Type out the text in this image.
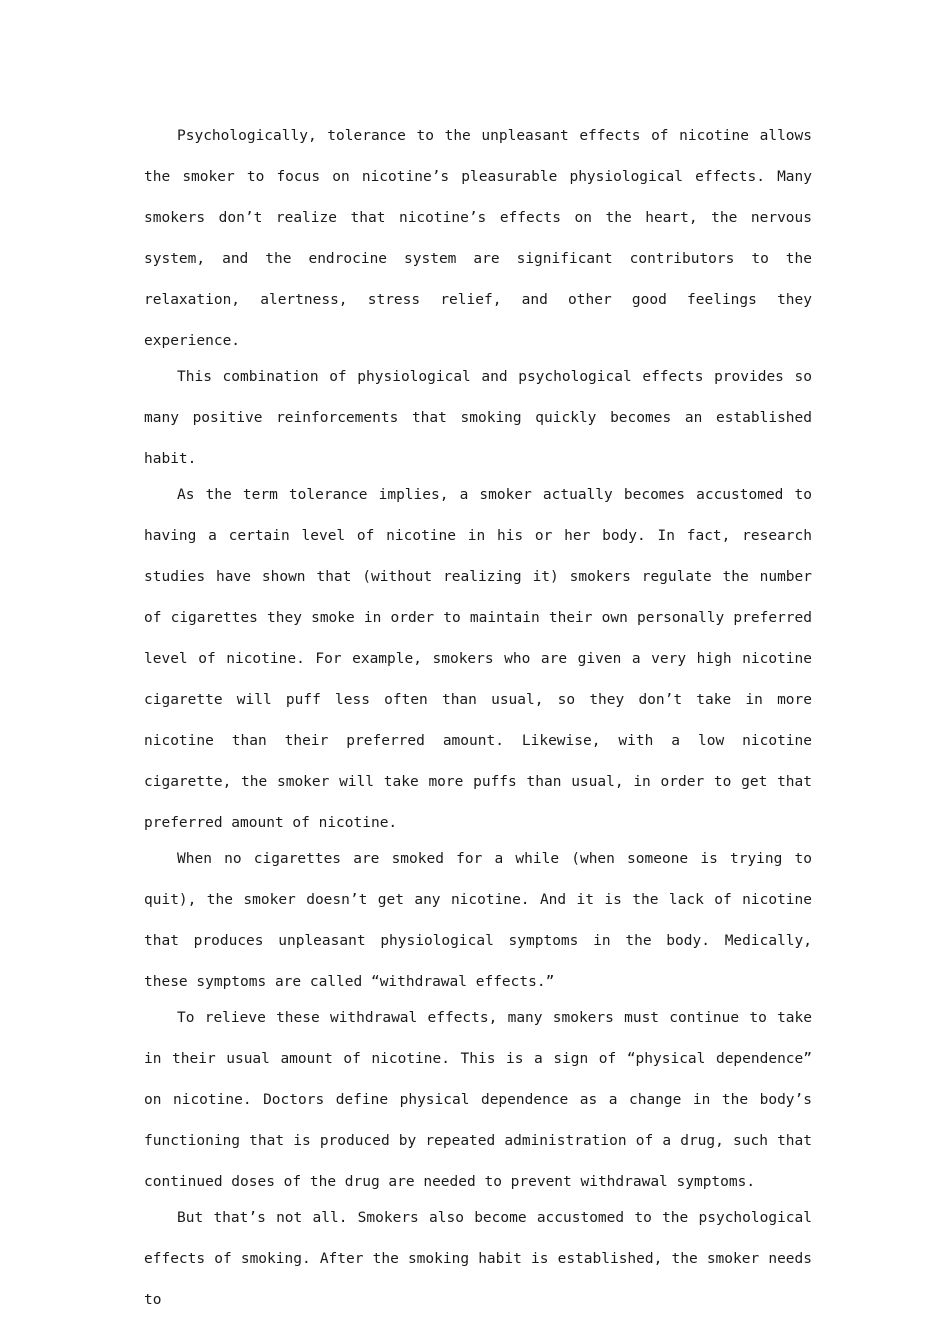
Psychologically, tolerance to the unpleasant effects of nicotine allows the smoker to focus on nicotine’s pleasurable physiological effects. Many smokers don’t realize that nicotine’s effects on the heart, the nervous system, and the endrocine system are significant contributors to the relaxation, alertness, stress relief, and other good feelings they experience.

This combination of physiological and psychological effects provides so many positive reinforcements that smoking quickly becomes an established habit.

As the term tolerance implies, a smoker actually becomes accustomed to having a certain level of nicotine in his or her body. In fact, research studies have shown that (without realizing it) smokers regulate the number of cigarettes they smoke in order to maintain their own personally preferred level of nicotine. For example, smokers who are given a very high nicotine cigarette will puff less often than usual, so they don’t take in more nicotine than their preferred amount. Likewise, with a low nicotine cigarette, the smoker will take more puffs than usual, in order to get that preferred amount of nicotine.

When no cigarettes are smoked for a while (when someone is trying to quit), the smoker doesn’t get any nicotine. And it is the lack of nicotine that produces unpleasant physiological symptoms in the body. Medically, these symptoms are called “withdrawal effects.”

To relieve these withdrawal effects, many smokers must continue to take in their usual amount of nicotine. This is a sign of “physical dependence” on nicotine. Doctors define physical dependence as a change in the body’s functioning that is produced by repeated administration of a drug, such that continued doses of the drug are needed to prevent withdrawal symptoms.

But that’s not all. Smokers also become accustomed to the psychological effects of smoking. After the smoking habit is established, the smoker needs to
